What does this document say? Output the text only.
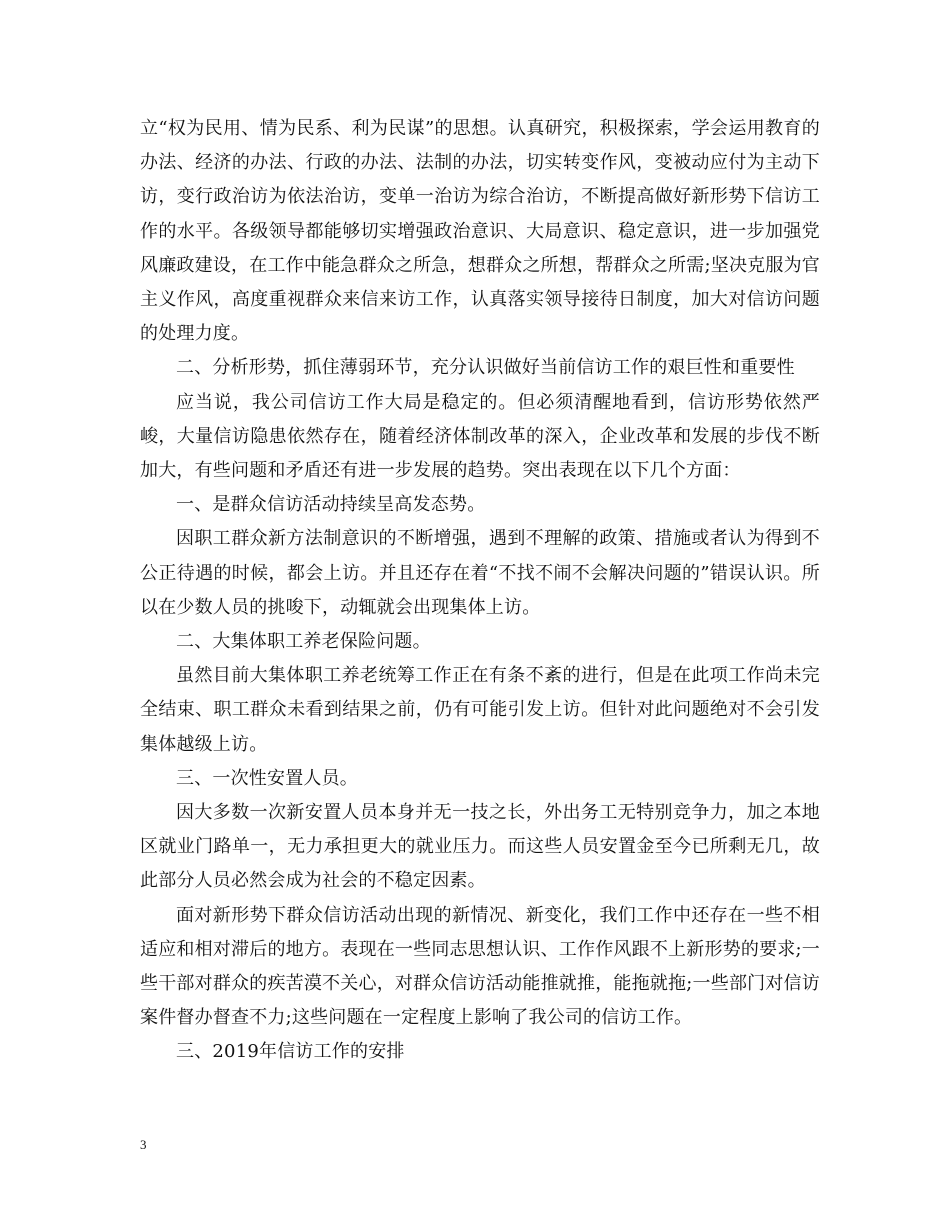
立“权为民用、情为民系、利为民谋”的思想。认真研究，积极探索，学会运用教育的办法、经济的办法、行政的办法、法制的办法，切实转变作风，变被动应付为主动下访，变行政治访为依法治访，变单一治访为综合治访，不断提高做好新形势下信访工作的水平。各级领导都能够切实增强政治意识、大局意识、稳定意识，进一步加强党风廉政建设，在工作中能急群众之所急，想群众之所想，帮群众之所需;坚决克服为官主义作风，高度重视群众来信来访工作，认真落实领导接待日制度，加大对信访问题的处理力度。

二、分析形势，抓住薄弱环节，充分认识做好当前信访工作的艰巨性和重要性

应当说，我公司信访工作大局是稳定的。但必须清醒地看到，信访形势依然严峻，大量信访隐患依然存在，随着经济体制改革的深入，企业改革和发展的步伐不断加大，有些问题和矛盾还有进一步发展的趋势。突出表现在以下几个方面：

一、是群众信访活动持续呈高发态势。

因职工群众新方法制意识的不断增强，遇到不理解的政策、措施或者认为得到不公正待遇的时候，都会上访。并且还存在着“不找不闹不会解决问题的”错误认识。所以在少数人员的挑唆下，动辄就会出现集体上访。

二、大集体职工养老保险问题。

虽然目前大集体职工养老统筹工作正在有条不紊的进行，但是在此项工作尚未完全结束、职工群众未看到结果之前，仍有可能引发上访。但针对此问题绝对不会引发集体越级上访。

三、一次性安置人员。

因大多数一次新安置人员本身并无一技之长，外出务工无特别竞争力，加之本地区就业门路单一，无力承担更大的就业压力。而这些人员安置金至今已所剩无几，故此部分人员必然会成为社会的不稳定因素。

面对新形势下群众信访活动出现的新情况、新变化，我们工作中还存在一些不相适应和相对滞后的地方。表现在一些同志思想认识、工作作风跟不上新形势的要求;一些干部对群众的疾苦漠不关心，对群众信访活动能推就推，能拖就拖;一些部门对信访案件督办督查不力;这些问题在一定程度上影响了我公司的信访工作。

三、2019年信访工作的安排

3
